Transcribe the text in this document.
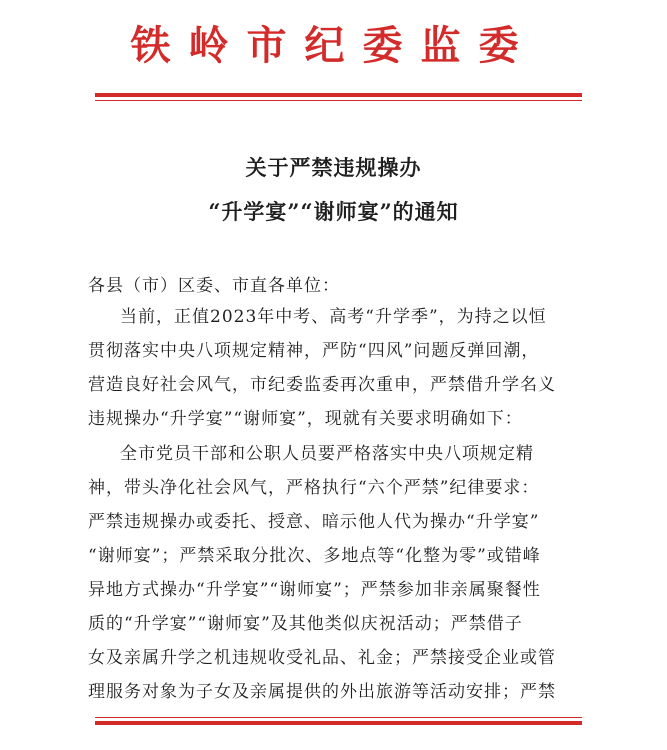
铁岭市纪委监委
关于严禁违规操办
“升学宴”“谢师宴”的通知
各县（市）区委、市直各单位：
当前，正值2023年中考、高考“升学季”，为持之以恒
贯彻落实中央八项规定精神，严防“四风”问题反弹回潮，
营造良好社会风气，市纪委监委再次重申，严禁借升学名义
违规操办“升学宴”“谢师宴”，现就有关要求明确如下：
全市党员干部和公职人员要严格落实中央八项规定精
神，带头净化社会风气，严格执行“六个严禁”纪律要求：
严禁违规操办或委托、授意、暗示他人代为操办“升学宴”
“谢师宴”；严禁采取分批次、多地点等“化整为零”或错峰
异地方式操办“升学宴”“谢师宴”；严禁参加非亲属聚餐性
质的“升学宴”“谢师宴”及其他类似庆祝活动；严禁借子
女及亲属升学之机违规收受礼品、礼金；严禁接受企业或管
理服务对象为子女及亲属提供的外出旅游等活动安排；严禁
